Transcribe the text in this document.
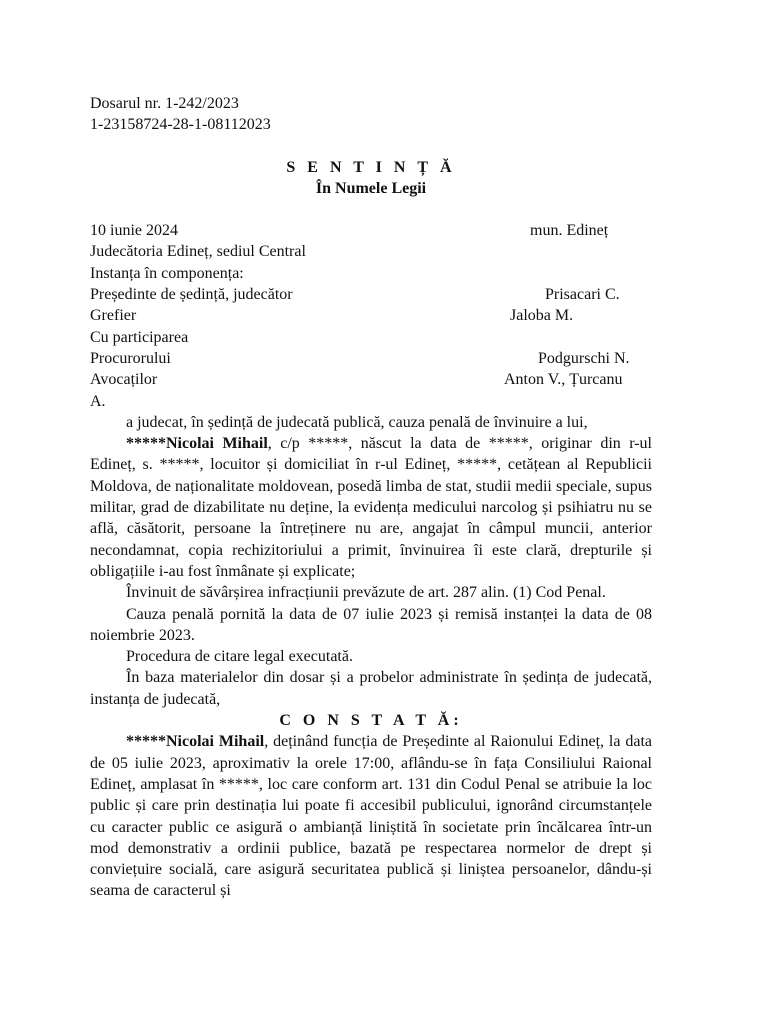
Dosarul nr. 1-242/2023
1-23158724-28-1-08112023
S E N T I N Ț Ă
În Numele Legii
10 iunie 2024	mun. Edineț
Judecătoria Edineț, sediul Central
Instanța în componența:
Președinte de ședință, judecător	Prisacari C.
Grefier	Jaloba M.
Cu participarea
Procurorului	Podgurschi N.
Avocaților	Anton V., Țurcanu
A.

a judecat, în ședință de judecată publică, cauza penală de învinuire a lui,

*****Nicolai Mihail, c/p *****, născut la data de *****, originar din r-ul Edineț, s. *****, locuitor și domiciliat în r-ul Edineț, *****, cetățean al Republicii Moldova, de naționalitate moldovean, posedă limba de stat, studii medii speciale, supus militar, grad de dizabilitate nu deține, la evidența medicului narcolog și psihiatru nu se află, căsătorit, persoane la întreținere nu are, angajat în câmpul muncii, anterior necondamnat, copia rechizitoriului a primit, învinuirea îi este clară, drepturile și obligațiile i-au fost înmânate și explicate;

Învinuit de săvârșirea infracțiunii prevăzute de art. 287 alin. (1) Cod Penal.

Cauza penală pornită la data de 07 iulie 2023 și remisă instanței la data de 08 noiembrie 2023.

Procedura de citare legal executată.

În baza materialelor din dosar și a probelor administrate în ședința de judecată, instanța de judecată,

C O N S T A T Ă:

*****Nicolai Mihail, deținând funcția de Președinte al Raionului Edineț, la data de 05 iulie 2023, aproximativ la orele 17:00, aflându-se în fața Consiliului Raional Edineț, amplasat în *****, loc care conform art. 131 din Codul Penal se atribuie la loc public și care prin destinația lui poate fi accesibil publicului, ignorând circumstanțele cu caracter public ce asigură o ambianță liniștită în societate prin încălcarea într-un mod demonstrativ a ordinii publice, bazată pe respectarea normelor de drept și conviețuire socială, care asigură securitatea publică și liniștea persoanelor, dându-și seama de caracterul și
